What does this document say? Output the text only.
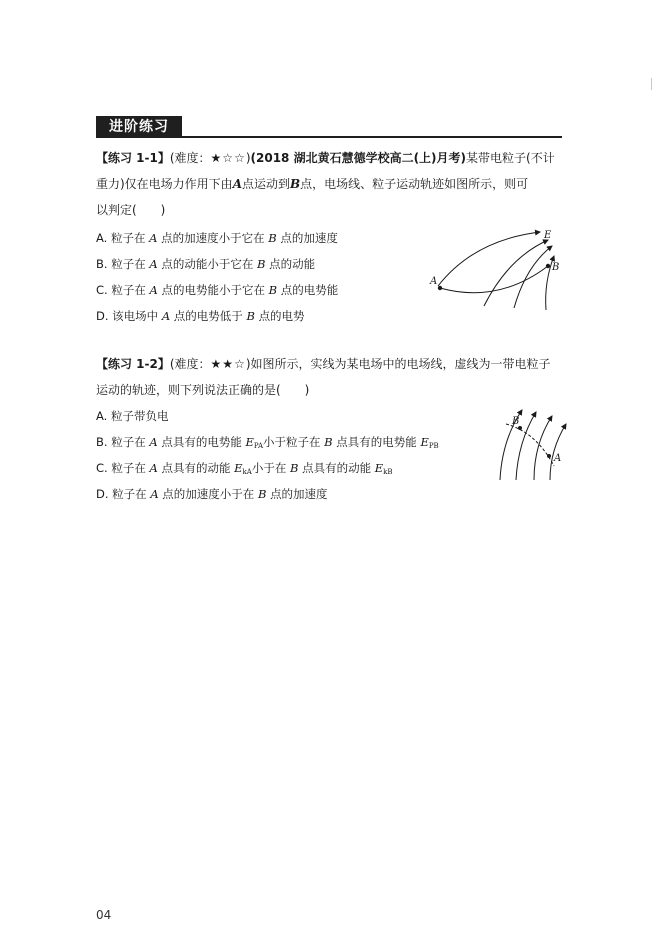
进阶练习
【练习 1-1】(难度：★☆☆)(2018 湖北黄石慧德学校高二(上)月考)某带电粒子(不计
重力)仅在电场力作用下由A点运动到B点，电场线、粒子运动轨迹如图所示，则可
以判定(　　)
A. 粒子在 A 点的加速度小于它在 B 点的加速度
B. 粒子在 A 点的动能小于它在 B 点的动能
C. 粒子在 A 点的电势能小于它在 B 点的电势能
D. 该电场中 A 点的电势低于 B 点的电势
A
B
E
【练习 1-2】(难度：★★☆)如图所示，实线为某电场中的电场线，虚线为一带电粒子
运动的轨迹，则下列说法正确的是(　　)
A. 粒子带负电
B. 粒子在 A 点具有的电势能 $E_{PA}$小于粒子在 B 点具有的电势能 $E_{PB}$
C. 粒子在 A 点具有的动能 $E_{kA}$小于在 B 点具有的动能 $E_{kB}$
D. 粒子在 A 点的加速度小于在 B 点的加速度
B
A
04
